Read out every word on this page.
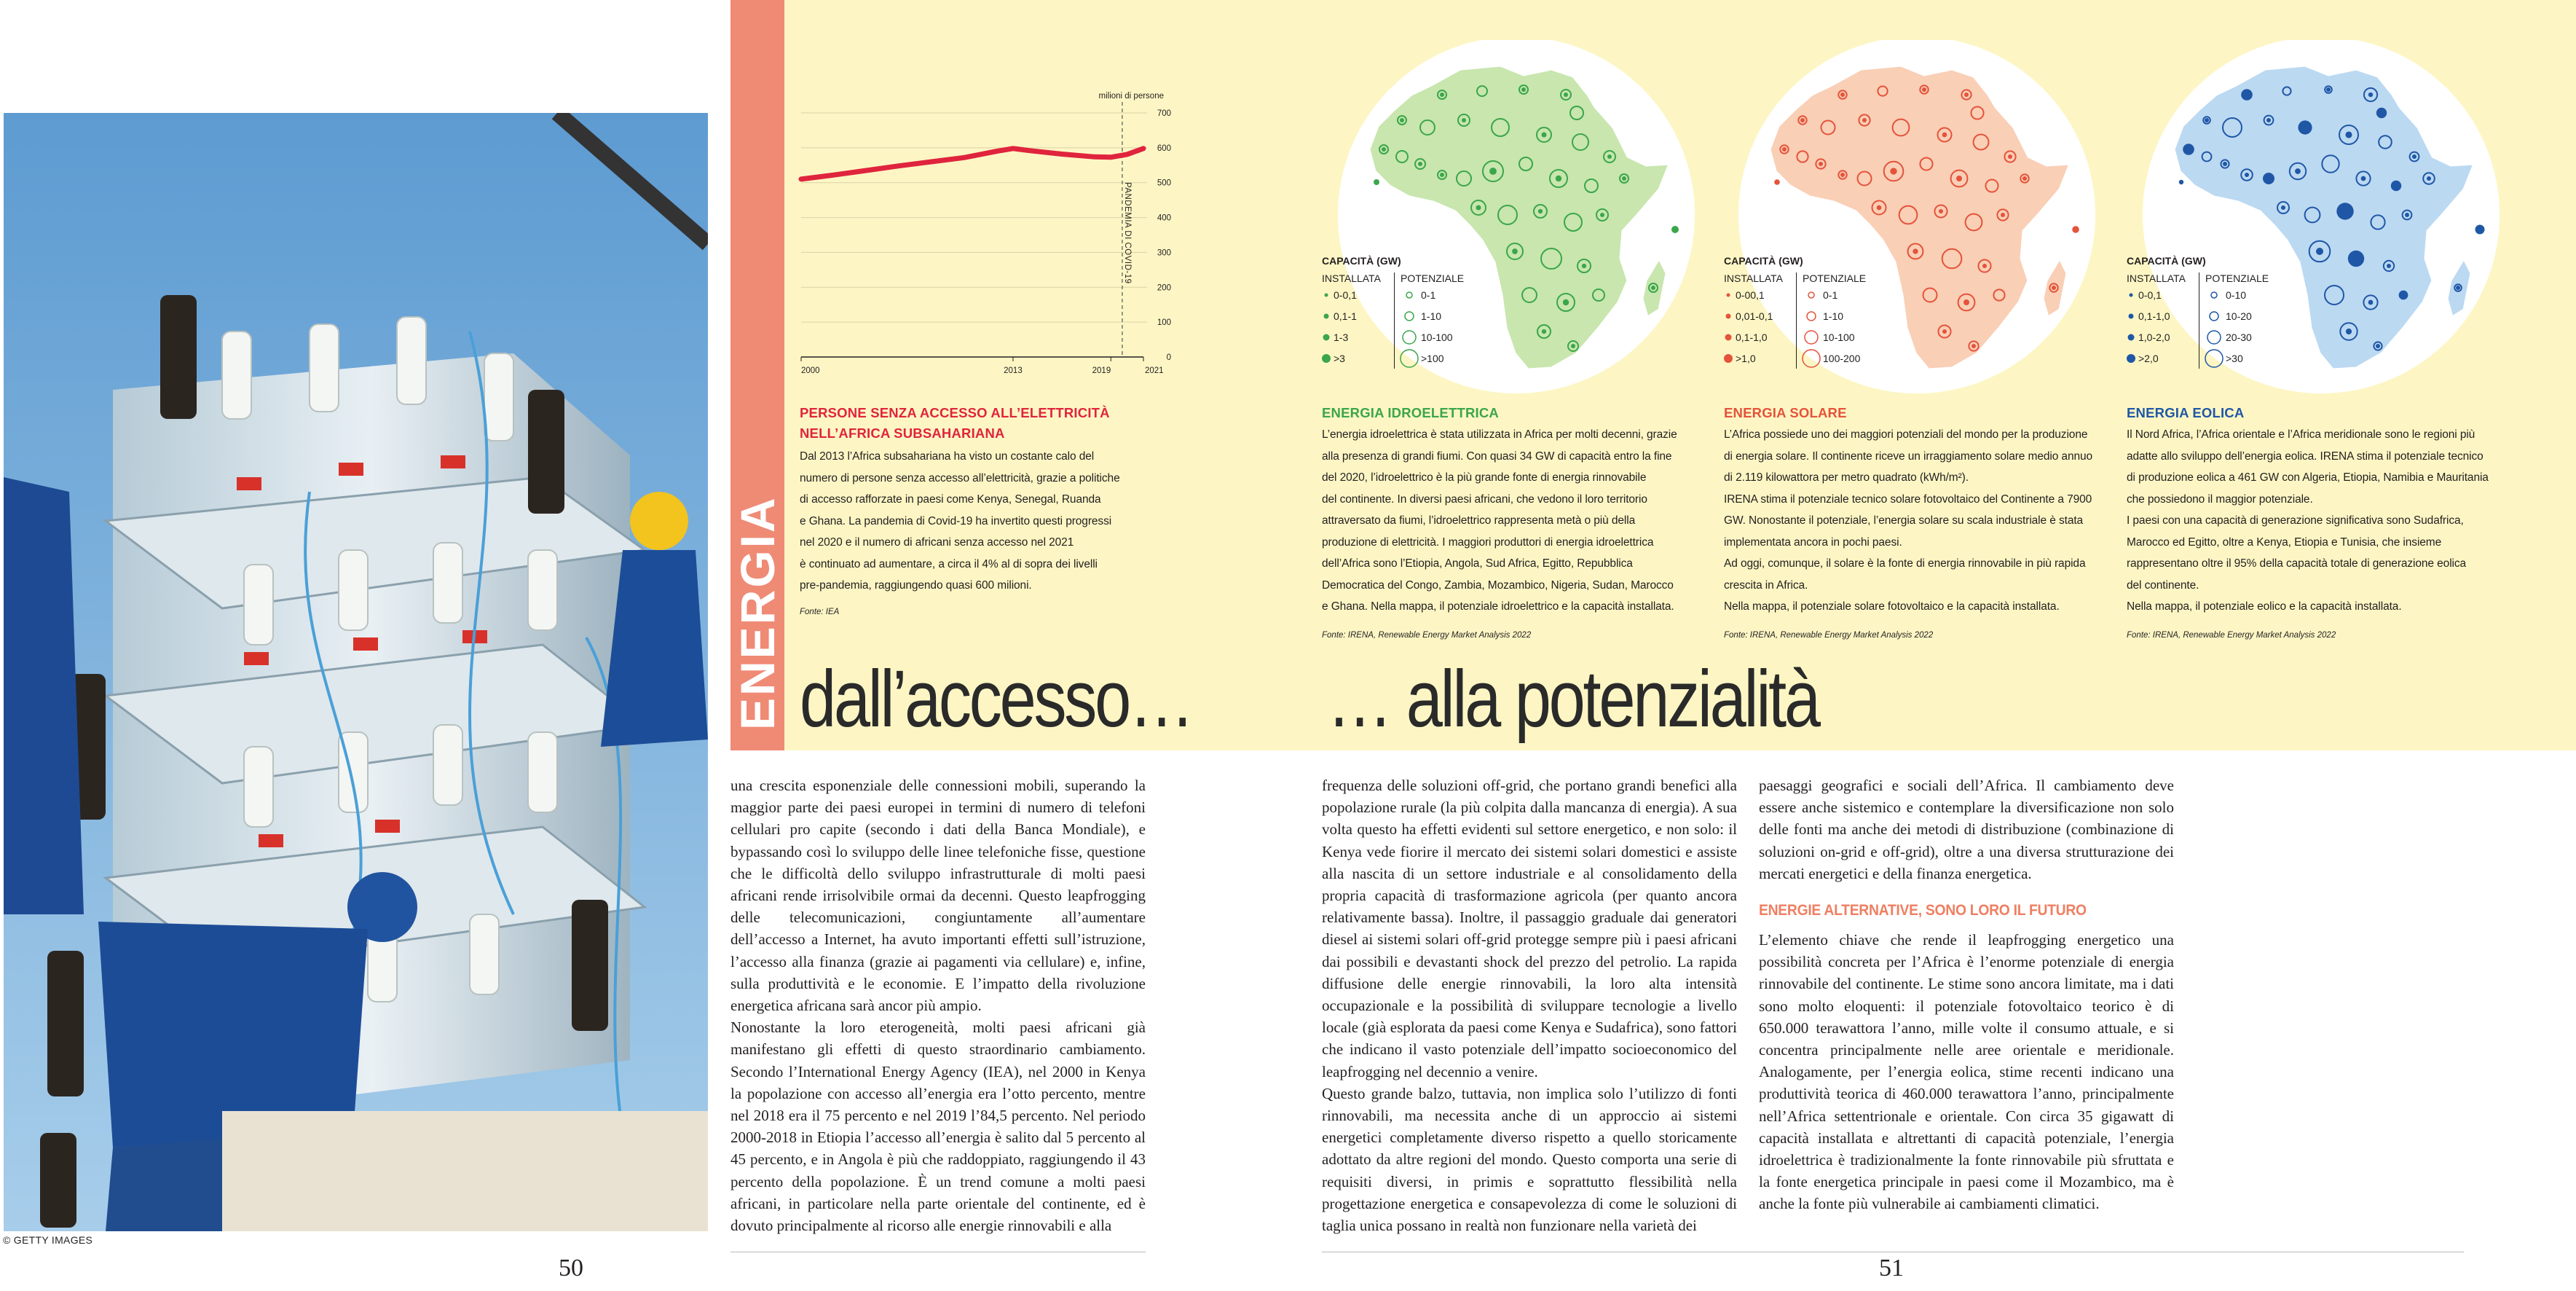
© GETTY IMAGES
ENERGIA
milioni di persone
700
600
500
400
300
200
100
0
2000	2013	2019	2021
PANDEMIA DI COVID-19
PERSONE SENZA ACCESSO ALL’ELETTRICITÀ
NELL’AFRICA SUBSAHARIANA
Dal 2013 l’Africa subsahariana ha visto un costante calo del
numero di persone senza accesso all’elettricità, grazie a politiche
di accesso rafforzate in paesi come Kenya, Senegal, Ruanda
e Ghana. La pandemia di Covid-19 ha invertito questi progressi
nel 2020 e il numero di africani senza accesso nel 2021
è continuato ad aumentare, a circa il 4% al di sopra dei livelli
pre-pandemia, raggiungendo quasi 600 milioni.
Fonte: IEA
CAPACITÀ (GW)
INSTALLATA	POTENZIALE
0-0,1	0-1
0,1-1	1-10
1-3	10-100
>3	>100
CAPACITÀ (GW)
INSTALLATA	POTENZIALE
0-00,1	0-1
0,01-0,1	1-10
0,1-1,0	10-100
>1,0	100-200
CAPACITÀ (GW)
INSTALLATA	POTENZIALE
0-0,1	0-10
0,1-1,0	10-20
1,0-2,0	20-30
>2,0	>30
ENERGIA IDROELETTRICA
L’energia idroelettrica è stata utilizzata in Africa per molti decenni, grazie
alla presenza di grandi fiumi. Con quasi 34 GW di capacità entro la fine
del 2020, l’idroelettrico è la più grande fonte di energia rinnovabile
del continente. In diversi paesi africani, che vedono il loro territorio
attraversato da fiumi, l’idroelettrico rappresenta metà o più della
produzione di elettricità. I maggiori produttori di energia idroelettrica
dell’Africa sono l’Etiopia, Angola, Sud Africa, Egitto, Repubblica
Democratica del Congo, Zambia, Mozambico, Nigeria, Sudan, Marocco
e Ghana. Nella mappa, il potenziale idroelettrico e la capacità installata.
Fonte: IRENA, Renewable Energy Market Analysis 2022
ENERGIA SOLARE
L’Africa possiede uno dei maggiori potenziali del mondo per la produzione
di energia solare. Il continente riceve un irraggiamento solare medio annuo
di 2.119 kilowattora per metro quadrato (kWh/m²).
IRENA stima il potenziale tecnico solare fotovoltaico del Continente a 7900
GW. Nonostante il potenziale, l’energia solare su scala industriale è stata
implementata ancora in pochi paesi.
Ad oggi, comunque, il solare è la fonte di energia rinnovabile in più rapida
crescita in Africa.
Nella mappa, il potenziale solare fotovoltaico e la capacità installata.
Fonte: IRENA, Renewable Energy Market Analysis 2022
ENERGIA EOLICA
Il Nord Africa, l’Africa orientale e l’Africa meridionale sono le regioni più
adatte allo sviluppo dell’energia eolica. IRENA stima il potenziale tecnico
di produzione eolica a 461 GW con Algeria, Etiopia, Namibia e Mauritania
che possiedono il maggior potenziale.
I paesi con una capacità di generazione significativa sono Sudafrica,
Marocco ed Egitto, oltre a Kenya, Etiopia e Tunisia, che insieme
rappresentano oltre il 95% della capacità totale di generazione eolica
del continente.
Nella mappa, il potenziale eolico e la capacità installata.
Fonte: IRENA, Renewable Energy Market Analysis 2022
dall’accesso… … alla potenzialità

una crescita esponenziale delle connessioni mobili, superando la maggior parte dei paesi europei in termini di numero di telefoni cellulari pro capite (secondo i dati della Banca Mondiale), e bypassando così lo sviluppo delle linee telefoniche fisse, questione che le difficoltà dello sviluppo infrastrutturale di molti paesi africani rende irrisolvibile ormai da decenni. Questo leapfrogging delle telecomunicazioni, congiuntamente all’aumentare dell’accesso a Internet, ha avuto importanti effetti sull’istruzione, l’accesso alla finanza (grazie ai pagamenti via cellulare) e, infine, sulla produttività e le economie. E l’impatto della rivoluzione energetica africana sarà ancor più ampio.

Nonostante la loro eterogeneità, molti paesi africani già manifestano gli effetti di questo straordinario cambiamento. Secondo l’International Energy Agency (IEA), nel 2000 in Kenya la popolazione con accesso all’energia era l’otto percento, mentre nel 2018 era il 75 percento e nel 2019 l’84,5 percento. Nel periodo 2000-2018 in Etiopia l’accesso all’energia è salito dal 5 percento al 45 percento, e in Angola è più che raddoppiato, raggiungendo il 43 percento della popolazione. È un trend comune a molti paesi africani, in particolare nella parte orientale del continente, ed è dovuto principalmente al ricorso alle energie rinnovabili e alla

frequenza delle soluzioni off-grid, che portano grandi benefici alla popolazione rurale (la più colpita dalla mancanza di energia). A sua volta questo ha effetti evidenti sul settore energetico, e non solo: il Kenya vede fiorire il mercato dei sistemi solari domestici e assiste alla nascita di un settore industriale e al consolidamento della propria capacità di trasformazione agricola (per quanto ancora relativamente bassa). Inoltre, il passaggio graduale dai generatori diesel ai sistemi solari off-grid protegge sempre più i paesi africani dai possibili e devastanti shock del prezzo del petrolio. La rapida diffusione delle energie rinnovabili, la loro alta intensità occupazionale e la possibilità di sviluppare tecnologie a livello locale (già esplorata da paesi come Kenya e Sudafrica), sono fattori che indicano il vasto potenziale dell’impatto socioeconomico del leapfrogging nel decennio a venire.

Questo grande balzo, tuttavia, non implica solo l’utilizzo di fonti rinnovabili, ma necessita anche di un approccio ai sistemi energetici completamente diverso rispetto a quello storicamente adottato da altre regioni del mondo. Questo comporta una serie di requisiti diversi, in primis e soprattutto flessibilità nella progettazione energetica e consapevolezza di come le soluzioni di taglia unica possano in realtà non funzionare nella varietà dei

paesaggi geografici e sociali dell’Africa. Il cambiamento deve essere anche sistemico e contemplare la diversificazione non solo delle fonti ma anche dei metodi di distribuzione (combinazione di soluzioni on-grid e off-grid), oltre a una diversa strutturazione dei mercati energetici e della finanza energetica.

ENERGIE ALTERNATIVE, SONO LORO IL FUTURO

L’elemento chiave che rende il leapfrogging energetico una possibilità concreta per l’Africa è l’enorme potenziale di energia rinnovabile del continente. Le stime sono ancora limitate, ma i dati sono molto eloquenti: il potenziale fotovoltaico teorico è di 650.000 terawattora l’anno, mille volte il consumo attuale, e si concentra principalmente nelle aree orientale e meridionale. Analogamente, per l’energia eolica, stime recenti indicano una produttività teorica di 460.000 terawattora l’anno, principalmente nell’Africa settentrionale e orientale. Con circa 35 gigawatt di capacità installata e altrettanti di capacità potenziale, l’energia idroelettrica è tradizionalmente la fonte rinnovabile più sfruttata e la fonte energetica principale in paesi come il Mozambico, ma è anche la fonte più vulnerabile ai cambiamenti climatici.

50	51
